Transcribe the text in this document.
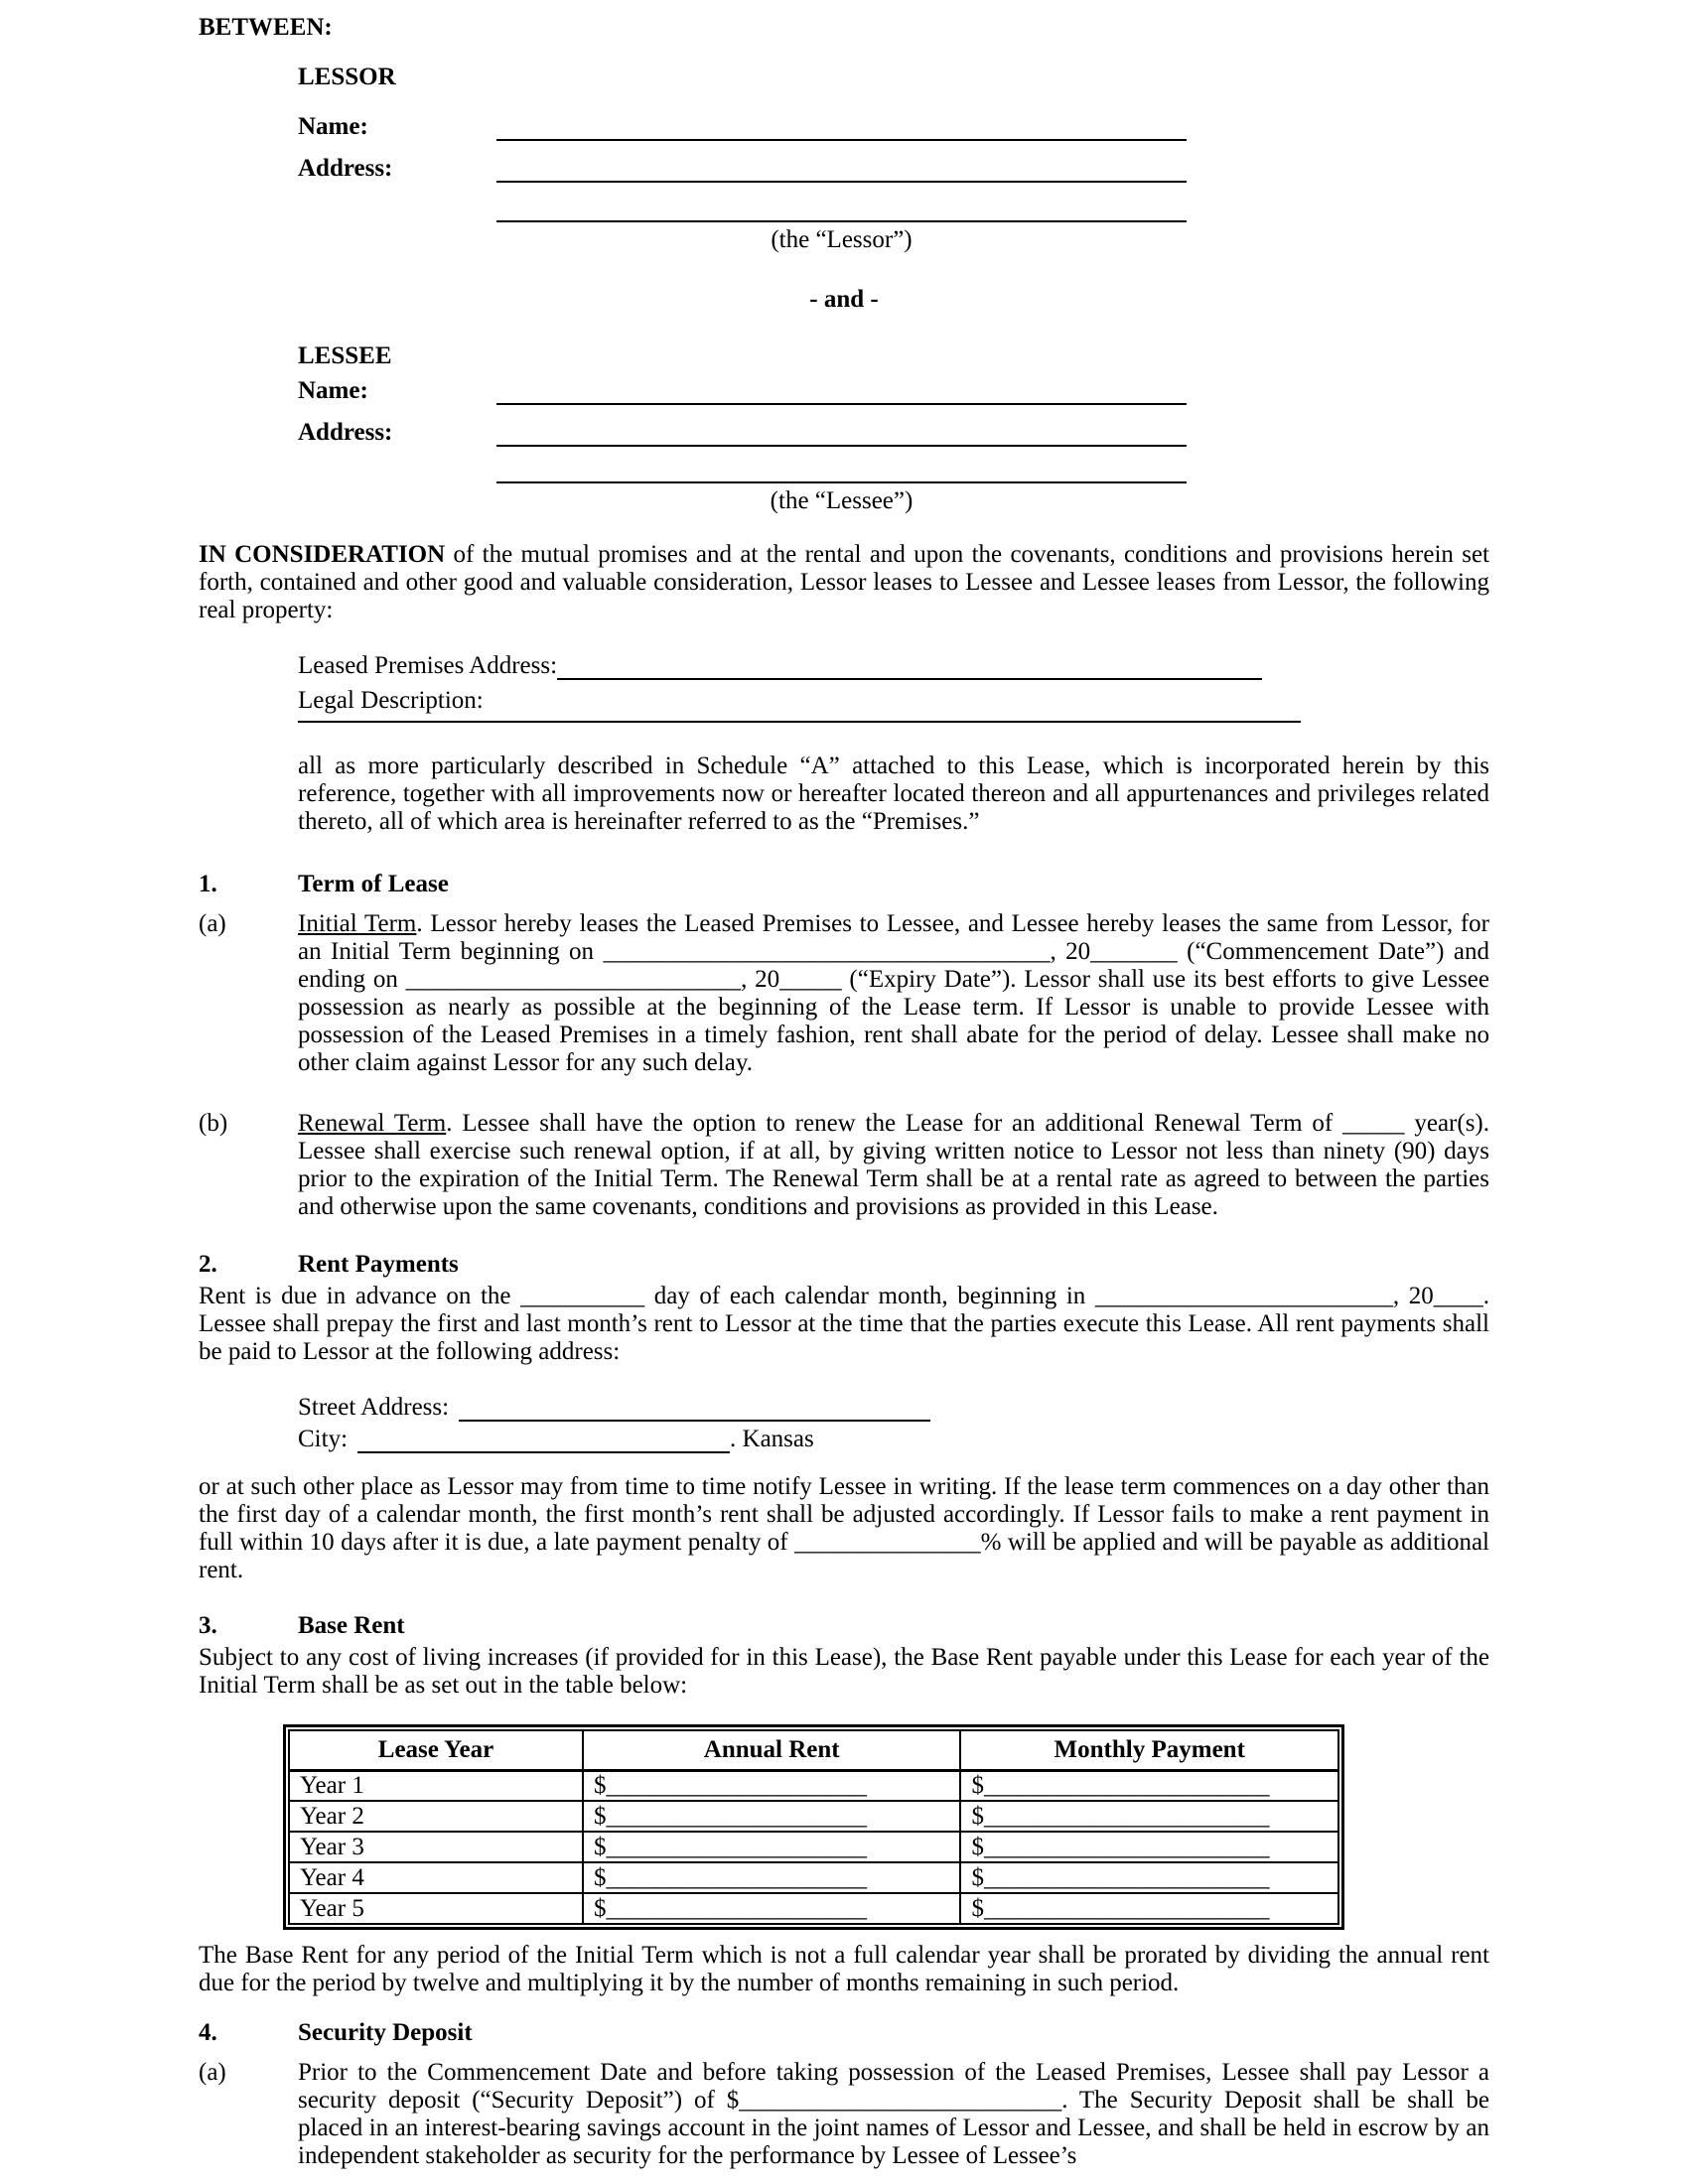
BETWEEN:
LESSOR
Name:
Address:
(the “Lessor”)
- and -
LESSEE
Name:
Address:
(the “Lessee”)

IN CONSIDERATION of the mutual promises and at the rental and upon the covenants, conditions and provisions herein set forth, contained and other good and valuable consideration, Lessor leases to Lessee and Lessee leases from Lessor, the following real property:

Leased Premises Address:
Legal Description:

all as more particularly described in Schedule “A” attached to this Lease, which is incorporated herein by this reference, together with all improvements now or hereafter located thereon and all appurtenances and privileges related thereto, all of which area is hereinafter referred to as the “Premises.”

1.	Term of Lease
(a)	Initial Term. Lessor hereby leases the Leased Premises to Lessee, and Lessee hereby leases the same from Lessor, for an Initial Term beginning on ____________________________________, 20_______ (“Commencement Date”) and ending on ___________________________, 20_____ (“Expiry Date”). Lessor shall use its best efforts to give Lessee possession as nearly as possible at the beginning of the Lease term. If Lessor is unable to provide Lessee with possession of the Leased Premises in a timely fashion, rent shall abate for the period of delay. Lessee shall make no other claim against Lessor for any such delay.

(b)	Renewal Term. Lessee shall have the option to renew the Lease for an additional Renewal Term of _____ year(s). Lessee shall exercise such renewal option, if at all, by giving written notice to Lessor not less than ninety (90) days prior to the expiration of the Initial Term. The Renewal Term shall be at a rental rate as agreed to between the parties and otherwise upon the same covenants, conditions and provisions as provided in this Lease.

2.	Rent Payments

Rent is due in advance on the __________ day of each calendar month, beginning in ________________________, 20____. Lessee shall prepay the first and last month’s rent to Lessor at the time that the parties execute this Lease. All rent payments shall be paid to Lessor at the following address:

Street Address:
City:	. Kansas

or at such other place as Lessor may from time to time notify Lessee in writing. If the lease term commences on a day other than the first day of a calendar month, the first month’s rent shall be adjusted accordingly. If Lessor fails to make a rent payment in full within 10 days after it is due, a late payment penalty of _______________% will be applied and will be payable as additional rent.

3.	Base Rent

Subject to any cost of living increases (if provided for in this Lease), the Base Rent payable under this Lease for each year of the Initial Term shall be as set out in the table below:

Lease Year	Annual Rent	Monthly Payment
Year 1	$_____________________	$_______________________
Year 2	$_____________________	$_______________________
Year 3	$_____________________	$_______________________
Year 4	$_____________________	$_______________________
Year 5	$_____________________	$_______________________

The Base Rent for any period of the Initial Term which is not a full calendar year shall be prorated by dividing the annual rent due for the period by twelve and multiplying it by the number of months remaining in such period.

4.	Security Deposit
(a)	Prior to the Commencement Date and before taking possession of the Leased Premises, Lessee shall pay Lessor a security deposit (“Security Deposit”) of $__________________________. The Security Deposit shall be shall be placed in an interest-bearing savings account in the joint names of Lessor and Lessee, and shall be held in escrow by an independent stakeholder as security for the performance by Lessee of Lessee’s
